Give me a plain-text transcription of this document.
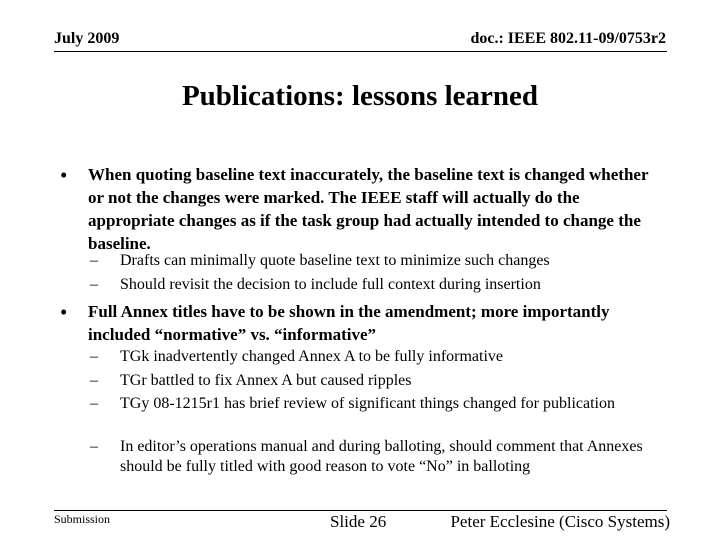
July 2009	doc.: IEEE 802.11-09/0753r2
Publications: lessons learned
• When quoting baseline text inaccurately, the baseline text is changed whether or not the changes were marked. The IEEE staff will actually do the appropriate changes as if the task group had actually intended to change the baseline.
– Drafts can minimally quote baseline text to minimize such changes
– Should revisit the decision to include full context during insertion
• Full Annex titles have to be shown in the amendment; more importantly included “normative” vs. “informative”
– TGk inadvertently changed Annex A to be fully informative
– TGr battled to fix Annex A but caused ripples
– TGy 08-1215r1 has brief review of significant things changed for publication
– In editor’s operations manual and during balloting, should comment that Annexes should be fully titled with good reason to vote “No” in balloting
Submission	Slide 26	Peter Ecclesine (Cisco Systems)
